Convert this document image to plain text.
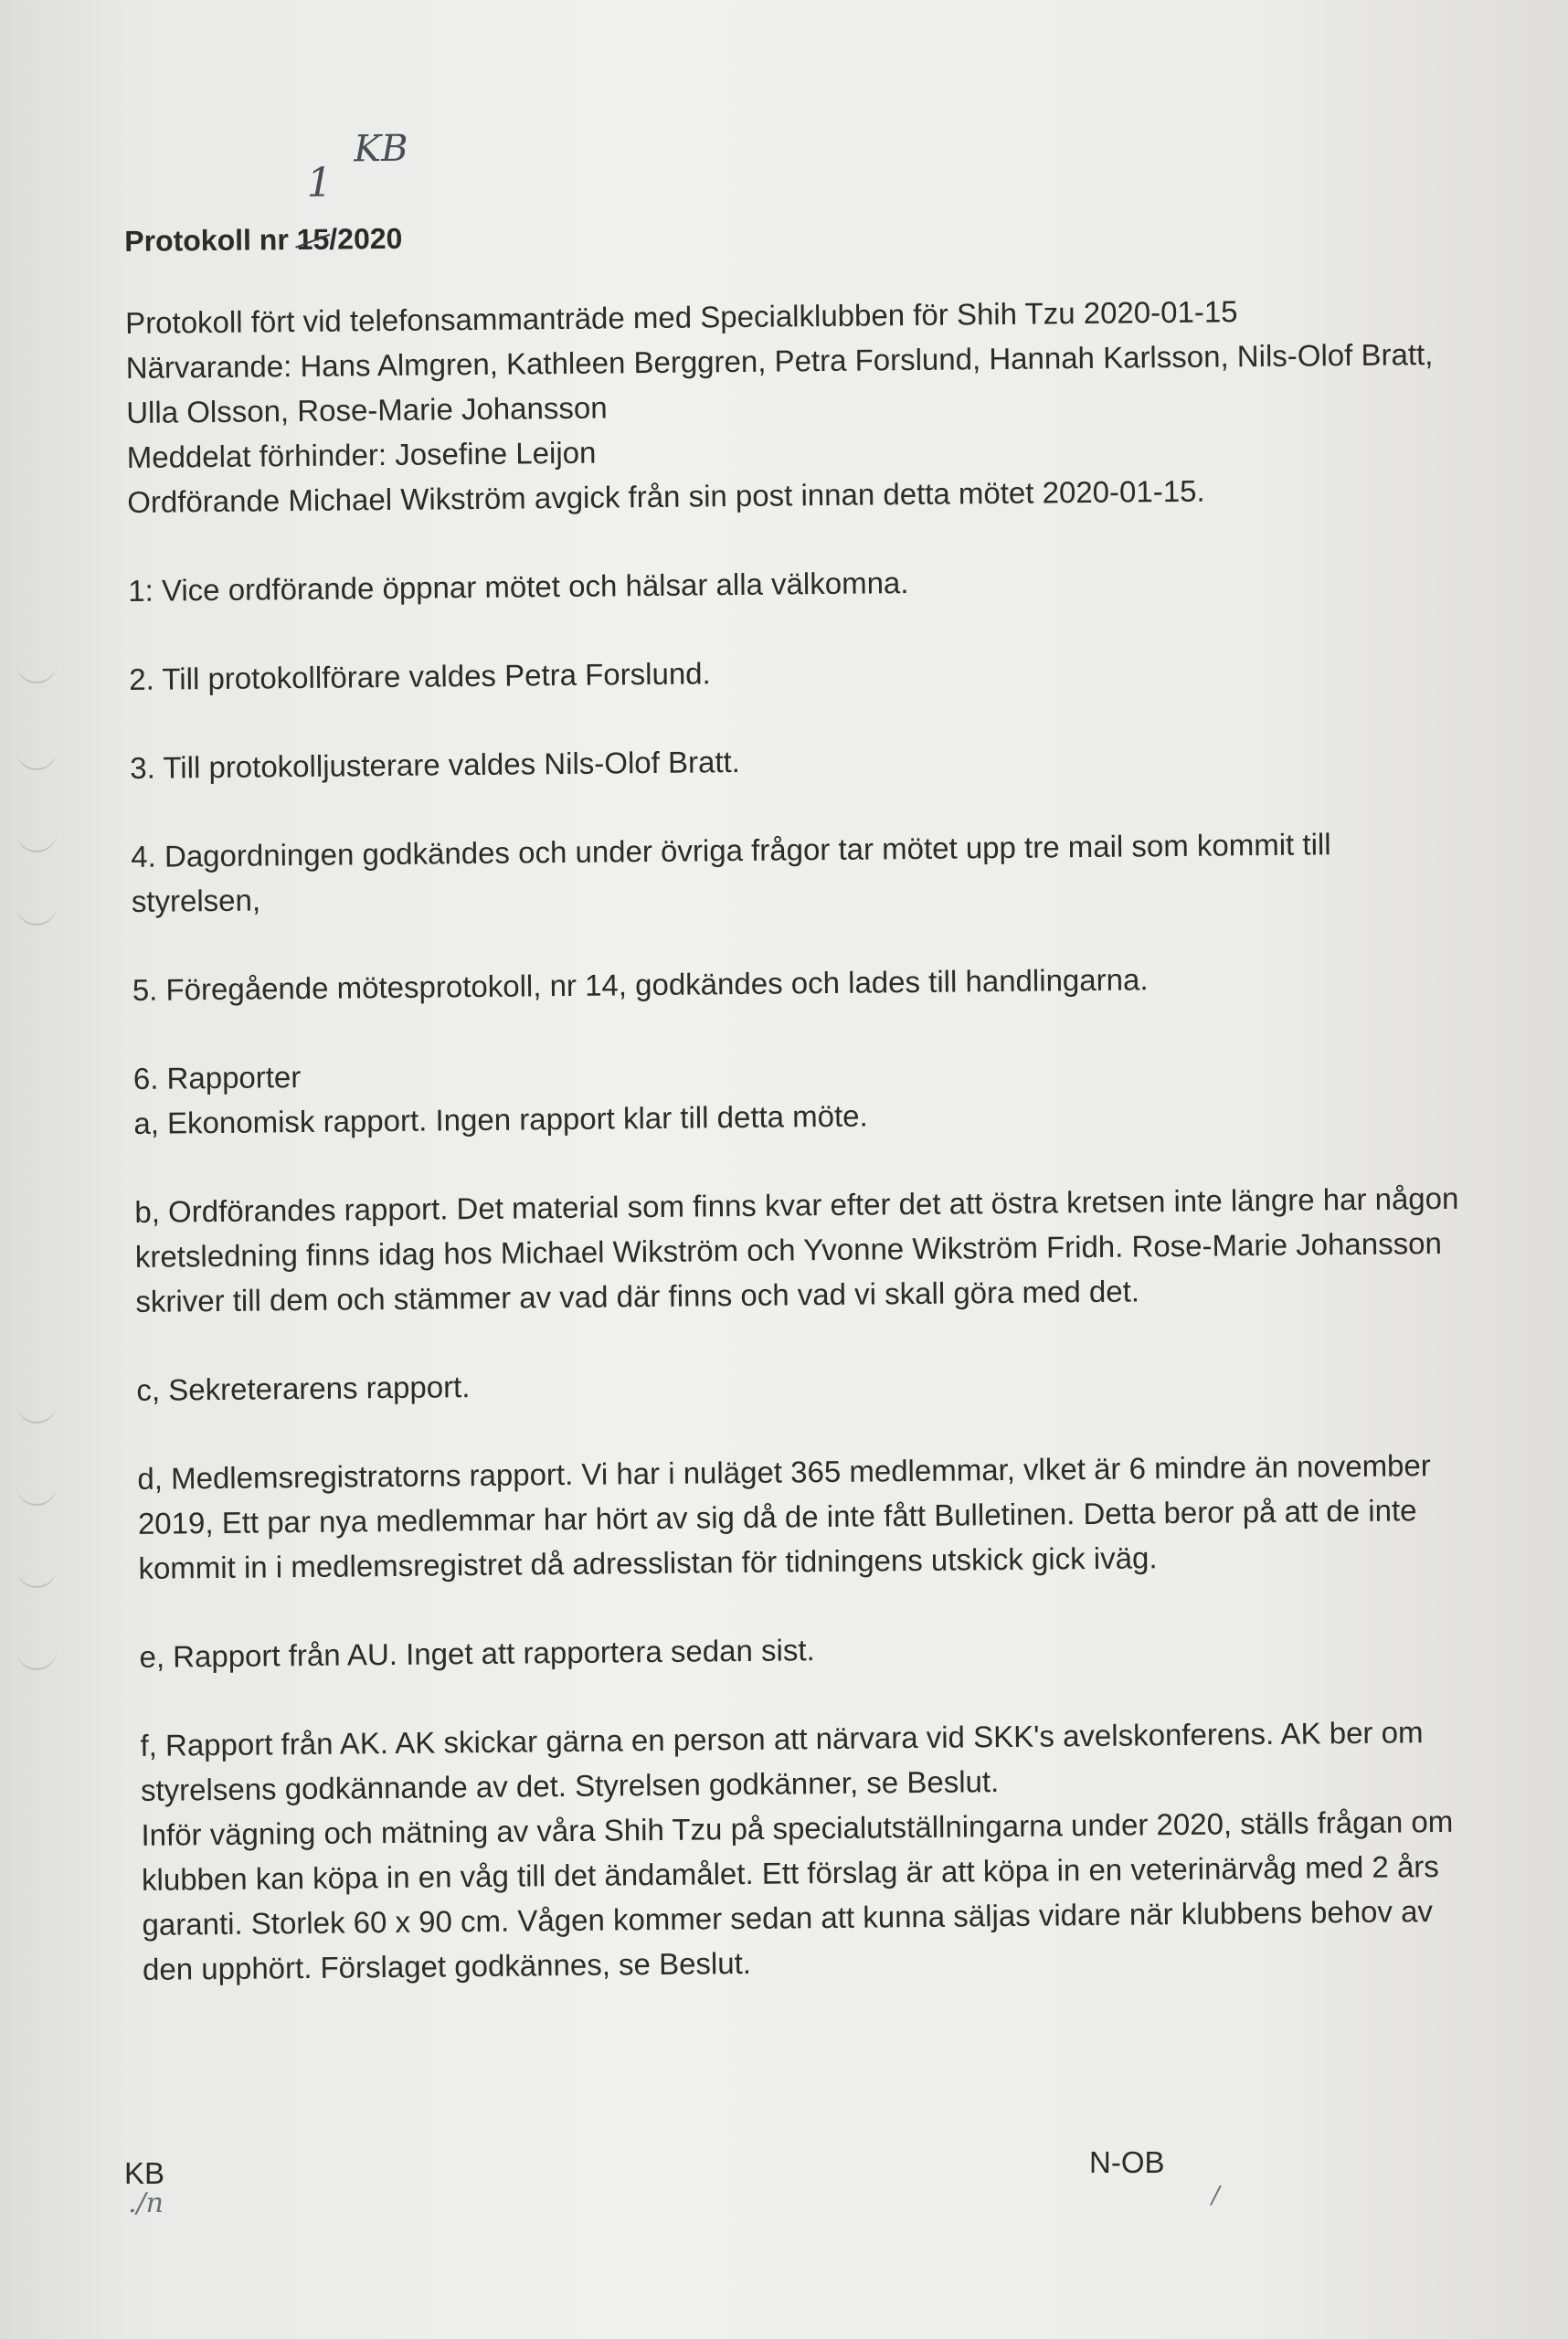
1
KB
Protokoll nr 15/2020

Protokoll fört vid telefonsammanträde med Specialklubben för Shih Tzu 2020-01-15

Närvarande: Hans Almgren, Kathleen Berggren, Petra Forslund, Hannah Karlsson, Nils-Olof Bratt, Ulla Olsson, Rose-Marie Johansson

Meddelat förhinder: Josefine Leijon

Ordförande Michael Wikström avgick från sin post innan detta mötet 2020-01-15.

1: Vice ordförande öppnar mötet och hälsar alla välkomna.

2. Till protokollförare valdes Petra Forslund.

3. Till protokolljusterare valdes Nils-Olof Bratt.

4. Dagordningen godkändes och under övriga frågor tar mötet upp tre mail som kommit till styrelsen,

5. Föregående mötesprotokoll, nr 14, godkändes och lades till handlingarna.

6. Rapporter

a, Ekonomisk rapport. Ingen rapport klar till detta möte.

b, Ordförandes rapport. Det material som finns kvar efter det att östra kretsen inte längre har någon kretsledning finns idag hos Michael Wikström och Yvonne Wikström Fridh. Rose-Marie Johansson skriver till dem och stämmer av vad där finns och vad vi skall göra med det.

c, Sekreterarens rapport.

d, Medlemsregistratorns rapport. Vi har i nuläget 365 medlemmar, vlket är 6 mindre än november 2019, Ett par nya medlemmar har hört av sig då de inte fått Bulletinen. Detta beror på att de inte kommit in i medlemsregistret då adresslistan för tidningens utskick gick iväg.

e, Rapport från AU. Inget att rapportera sedan sist.

f, Rapport från AK. AK skickar gärna en person att närvara vid SKK's avelskonferens. AK ber om styrelsens godkännande av det. Styrelsen godkänner, se Beslut.

Inför vägning och mätning av våra Shih Tzu på specialutställningarna under 2020, ställs frågan om klubben kan köpa in en våg till det ändamålet. Ett förslag är att köpa in en veterinärvåg med 2 års garanti. Storlek 60 x 90 cm. Vågen kommer sedan att kunna säljas vidare när klubbens behov av den upphört. Förslaget godkännes, se Beslut.

KB
./n
N-OB
/
